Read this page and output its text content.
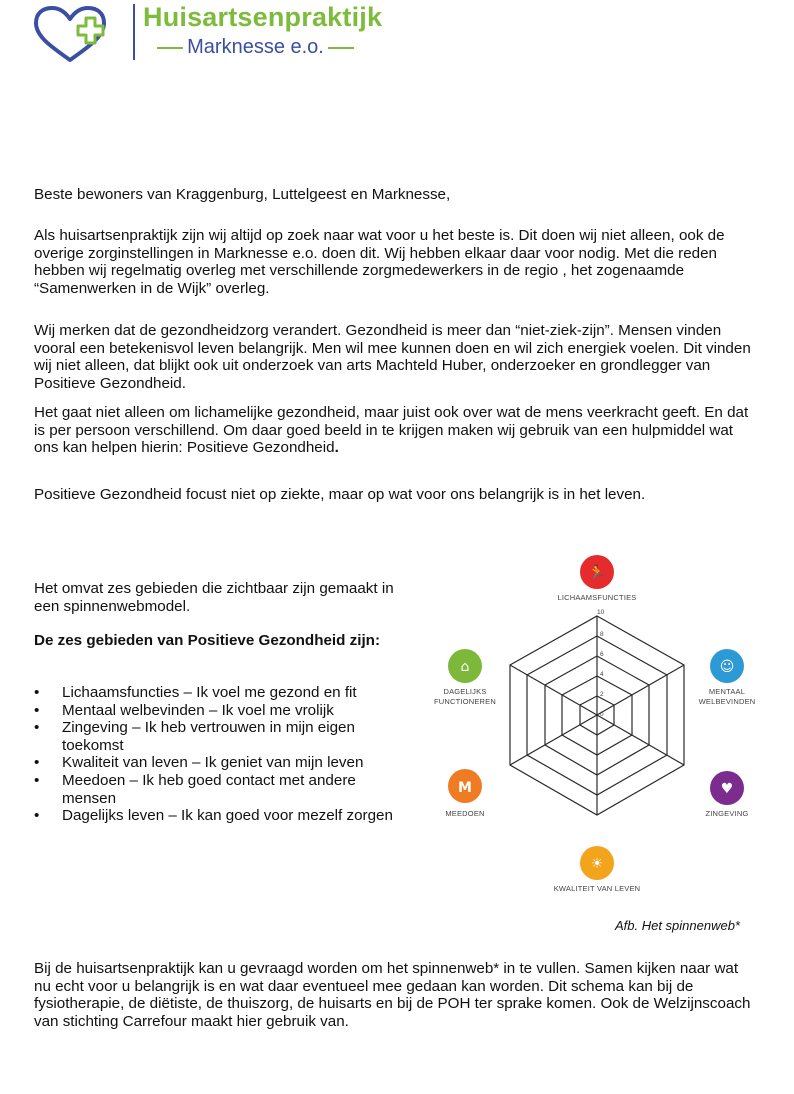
Huisartsenpraktijk
Marknesse e.o.

Beste bewoners van Kraggenburg, Luttelgeest en Marknesse,

Als huisartsenpraktijk zijn wij altijd op zoek naar wat voor u het beste is. Dit doen wij niet alleen, ook de overige zorginstellingen in Marknesse e.o. doen dit. Wij hebben elkaar daar voor nodig. Met die reden hebben wij regelmatig overleg met verschillende zorgmedewerkers in de regio , het zogenaamde “Samenwerken in de Wijk” overleg.

Wij merken dat de gezondheidzorg verandert. Gezondheid is meer dan “niet-ziek-zijn”. Mensen vinden vooral een betekenisvol leven belangrijk. Men wil mee kunnen doen en wil zich energiek voelen. Dit vinden wij niet alleen, dat blijkt ook uit onderzoek van arts Machteld Huber, onderzoeker en grondlegger van Positieve Gezondheid.

Het gaat niet alleen om lichamelijke gezondheid, maar juist ook over wat de mens veerkracht geeft. En dat is per persoon verschillend. Om daar goed beeld in te krijgen maken wij gebruik van een hulpmiddel wat ons kan helpen hierin: Positieve Gezondheid.

Positieve Gezondheid focust niet op ziekte, maar op wat voor ons belangrijk is in het leven.

Het omvat zes gebieden die zichtbaar zijn gemaakt in een spinnenwebmodel.

De zes gebieden van Positieve Gezondheid zijn:

• Lichaamsfuncties – Ik voel me gezond en fit
• Mentaal welbevinden – Ik voel me vrolijk
• Zingeving – Ik heb vertrouwen in mijn eigen toekomst
• Kwaliteit van leven – Ik geniet van mijn leven
• Meedoen – Ik heb goed contact met andere mensen
• Dagelijks leven – Ik kan goed voor mezelf zorgen
0
2
4
6
8
10
🏃
LICHAAMSFUNCTIES
☺
MENTAAL
WELBEVINDEN
♥
ZINGEVING
☀
KWALITEIT VAN LEVEN
M
MEEDOEN
⌂
DAGELIJKS
FUNCTIONEREN
Afb. Het spinnenweb*

Bij de huisartsenpraktijk kan u gevraagd worden om het spinnenweb* in te vullen. Samen kijken naar wat nu echt voor u belangrijk is en wat daar eventueel mee gedaan kan worden. Dit schema kan bij de fysiotherapie, de diëtiste, de thuiszorg, de huisarts en bij de POH ter sprake komen. Ook de Welzijnscoach van stichting Carrefour maakt hier gebruik van.
